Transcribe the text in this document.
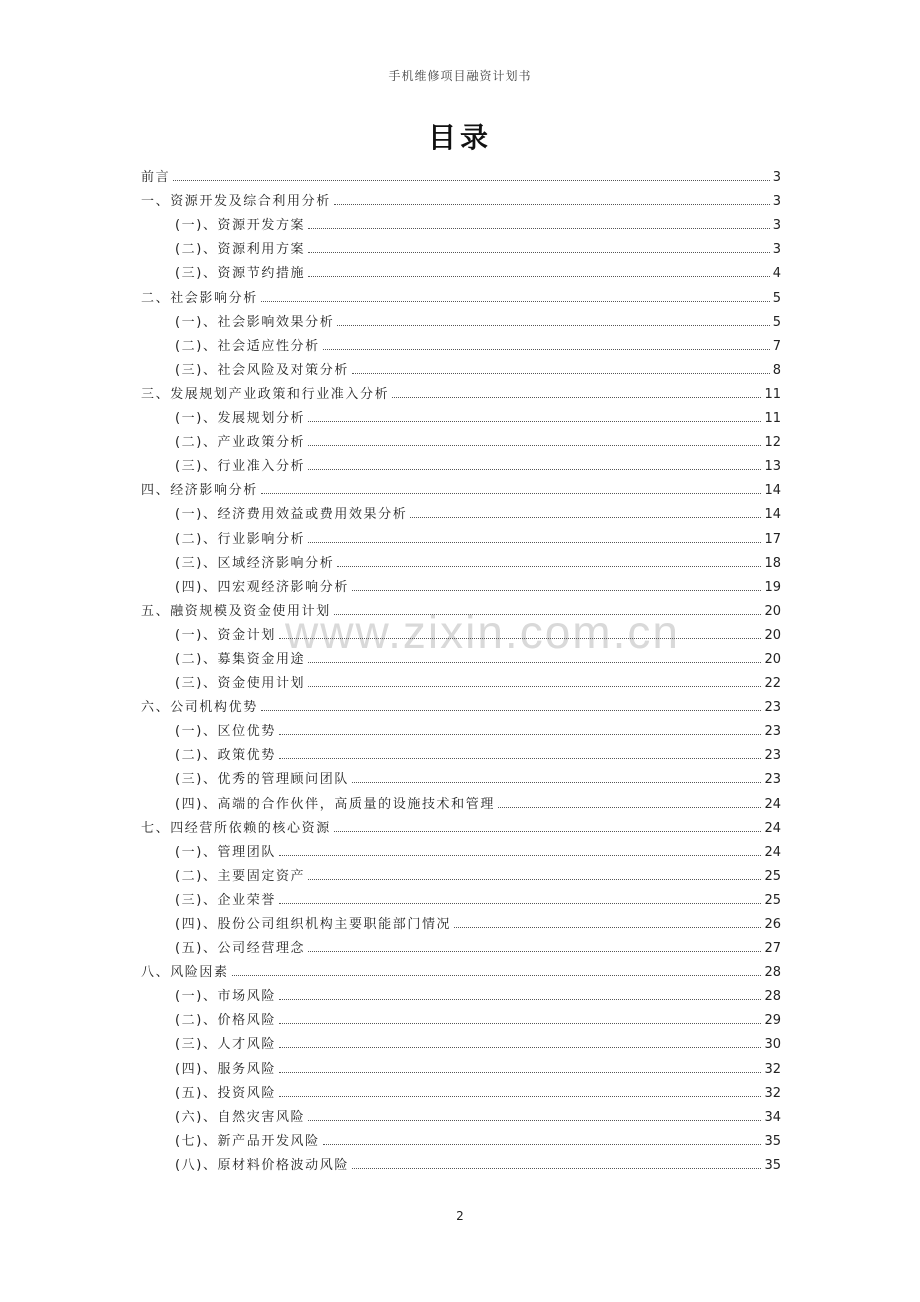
手机维修项目融资计划书
目录
www.zixin.com.cn
前言	3
一、资源开发及综合利用分析	3
(一)、资源开发方案	3
(二)、资源利用方案	3
(三)、资源节约措施	4
二、社会影响分析	5
(一)、社会影响效果分析	5
(二)、社会适应性分析	7
(三)、社会风险及对策分析	8
三、发展规划产业政策和行业准入分析	11
(一)、发展规划分析	11
(二)、产业政策分析	12
(三)、行业准入分析	13
四、经济影响分析	14
(一)、经济费用效益或费用效果分析	14
(二)、行业影响分析	17
(三)、区域经济影响分析	18
(四)、四宏观经济影响分析	19
五、融资规模及资金使用计划	20
(一)、资金计划	20
(二)、募集资金用途	20
(三)、资金使用计划	22
六、公司机构优势	23
(一)、区位优势	23
(二)、政策优势	23
(三)、优秀的管理顾问团队	23
(四)、高端的合作伙伴，高质量的设施技术和管理	24
七、四经营所依赖的核心资源	24
(一)、管理团队	24
(二)、主要固定资产	25
(三)、企业荣誉	25
(四)、股份公司组织机构主要职能部门情况	26
(五)、公司经营理念	27
八、风险因素	28
(一)、市场风险	28
(二)、价格风险	29
(三)、人才风险	30
(四)、服务风险	32
(五)、投资风险	32
(六)、自然灾害风险	34
(七)、新产品开发风险	35
(八)、原材料价格波动风险	35
2
